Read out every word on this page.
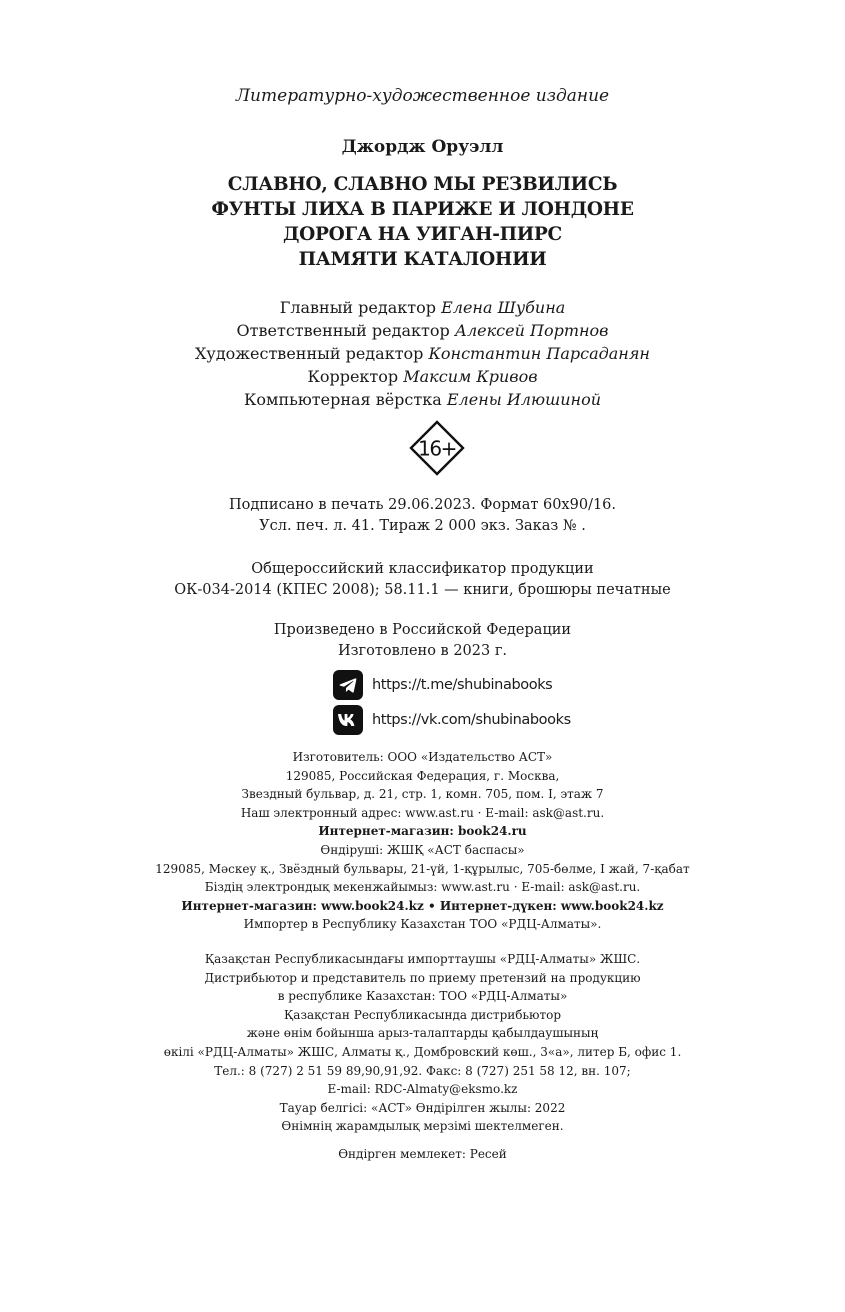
Литературно-художественное издание
Джордж Оруэлл
СЛАВНО, СЛАВНО МЫ РЕЗВИЛИСЬ
ФУНТЫ ЛИХА В ПАРИЖЕ И ЛОНДОНЕ
ДОРОГА НА УИГАН-ПИРС
ПАМЯТИ КАТАЛОНИИ
Главный редактор Елена Шубина
Ответственный редактор Алексей Портнов
Художественный редактор Константин Парсаданян
Корректор Максим Кривов
Компьютерная вёрстка Елены Илюшиной
16+
Подписано в печать 29.06.2023. Формат 60х90/16.
Усл. печ. л. 41. Тираж 2 000 экз. Заказ № .
Общероссийский классификатор продукции
ОК-034-2014 (КПЕС 2008); 58.11.1 — книги, брошюры печатные
Произведено в Российской Федерации
Изготовлено в 2023 г.
https://t.me/shubinabooks
https://vk.com/shubinabooks
Изготовитель: ООО «Издательство АСТ»
129085, Российская Федерация, г. Москва,
Звездный бульвар, д. 21, стр. 1, комн. 705, пом. I, этаж 7
Наш электронный адрес: www.ast.ru · E-mail: ask@ast.ru.
Интернет-магазин: book24.ru
Өндіруші: ЖШҚ «АСТ баспасы»
129085, Мәскеу қ., Звёздный бульвары, 21-үй, 1-құрылыс, 705-бөлме, I жай, 7-қабат
Біздің электрондық мекенжайымыз: www.ast.ru · E-mail: ask@ast.ru.
Интернет-магазин: www.book24.kz • Интернет-дүкен: www.book24.kz
Импортер в Республику Казахстан ТОО «РДЦ-Алматы».
Қазақстан Республикасындағы импорттаушы «РДЦ-Алматы» ЖШС.
Дистрибьютор и представитель по приему претензий на продукцию
в республике Казахстан: ТОО «РДЦ-Алматы»
Қазақстан Республикасында дистрибьютор
және өнім бойынша арыз-талаптарды қабылдаушының
өкілі «РДЦ-Алматы» ЖШС, Алматы қ., Домбровский көш., 3«а», литер Б, офис 1.
Тел.: 8 (727) 2 51 59 89,90,91,92. Факс: 8 (727) 251 58 12, вн. 107;
E-mail: RDC-Almaty@eksmo.kz
Тауар белгісі: «АСТ» Өндірілген жылы: 2022
Өнімнің жарамдылық мерзімі шектелмеген.
Өндірген мемлекет: Ресей
